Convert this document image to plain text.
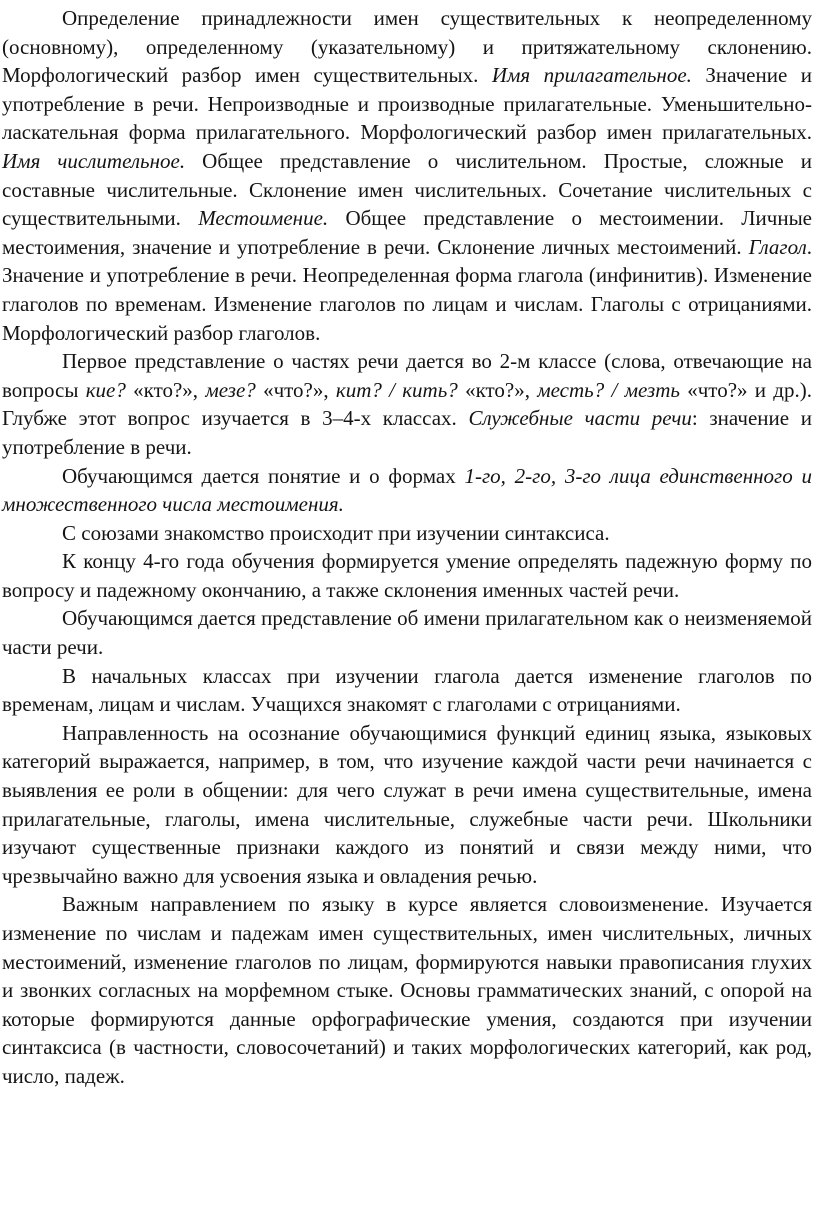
Определение принадлежности имен существительных к неопределенному (основному), определенному (указательному) и притяжательному склонению. Морфологический разбор имен существительных. Имя прилагательное. Значение и употребление в речи. Непроизводные и производные прилагательные. Уменьшительно-ласкательная форма прилагательного. Морфологический разбор имен прилагательных. Имя числительное. Общее представление о числительном. Простые, сложные и составные числительные. Склонение имен числительных. Сочетание числительных с существительными. Местоимение. Общее представление о местоимении. Личные местоимения, значение и употребление в речи. Склонение личных местоимений. Глагол. Значение и употребление в речи. Неопределенная форма глагола (инфинитив). Изменение глаголов по временам. Изменение глаголов по лицам и числам. Глаголы с отрицаниями. Морфологический разбор глаголов.

Первое представление о частях речи дается во 2-м классе (слова, отвечающие на вопросы кие? «кто?», мезе? «что?», кит? / кить? «кто?», месть? / мезть «что?» и др.). Глубже этот вопрос изучается в 3–4-х классах. Служебные части речи: значение и употребление в речи.

Обучающимся дается понятие и о формах 1-го, 2-го, 3-го лица единственного и множественного числа местоимения.

С союзами знакомство происходит при изучении синтаксиса.

К концу 4-го года обучения формируется умение определять падежную форму по вопросу и падежному окончанию, а также склонения именных частей речи.

Обучающимся дается представление об имени прилагательном как о неизменяемой части речи.

В начальных классах при изучении глагола дается изменение глаголов по временам, лицам и числам. Учащихся знакомят с глаголами с отрицаниями.

Направленность на осознание обучающимися функций единиц языка, языковых категорий выражается, например, в том, что изучение каждой части речи начинается с выявления ее роли в общении: для чего служат в речи имена существительные, имена прилагательные, глаголы, имена числительные, служебные части речи. Школьники изучают существенные признаки каждого из понятий и связи между ними, что чрезвычайно важно для усвоения языка и овладения речью.

Важным направлением по языку в курсе является словоизменение. Изучается изменение по числам и падежам имен существительных, имен числительных, личных местоимений, изменение глаголов по лицам, формируются навыки правописания глухих и звонких согласных на морфемном стыке. Основы грамматических знаний, с опорой на которые формируются данные орфографические умения, создаются при изучении синтаксиса (в частности, словосочетаний) и таких морфологических категорий, как род, число, падеж.
